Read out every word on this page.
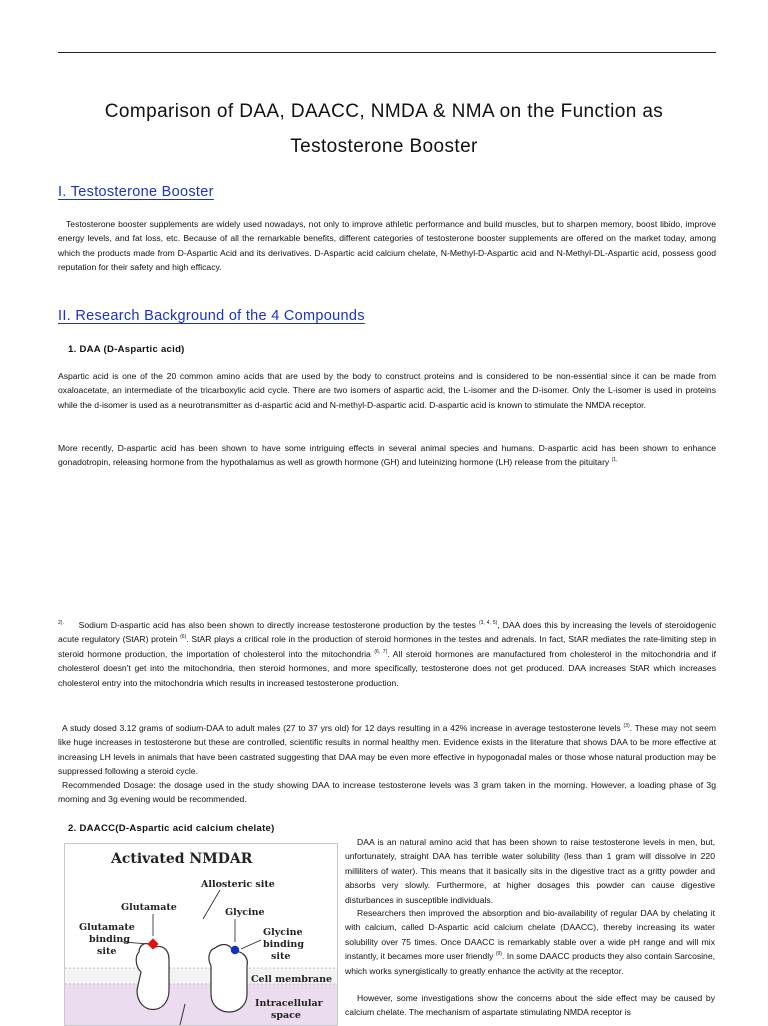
Comparison of DAA, DAACC, NMDA & NMA on the Function as
Testosterone Booster
I. Testosterone Booster
Testosterone booster supplements are widely used nowadays, not only to improve athletic performance and build muscles, but to sharpen memory, boost libido, improve energy levels, and fat loss, etc. Because of all the remarkable benefits, different categories of testosterone booster supplements are offered on the market today, among which the products made from D-Aspartic Acid and its derivatives. D-Aspartic acid calcium chelate, N-Methyl-D-Aspartic acid and N-Methyl-DL-Aspartic acid, possess good reputation for their safety and high efficacy.
II. Research Background of the 4 Compounds
1. DAA (D-Aspartic acid)
Aspartic acid is one of the 20 common amino acids that are used by the body to construct proteins and is considered to be non-essential since it can be made from oxaloacetate, an intermediate of the tricarboxylic acid cycle. There are two isomers of aspartic acid, the L-isomer and the D-isomer. Only the L-isomer is used in proteins while the d-isomer is used as a neurotransmitter as d-aspartic acid and N-methyl-D-aspartic acid. D-aspartic acid is known to stimulate the NMDA receptor.
More recently, D-aspartic acid has been shown to have some intriguing effects in several animal species and humans. D-aspartic acid has been shown to enhance gonadotropin, releasing hormone from the hypothalamus as well as growth hormone (GH) and luteinizing hormone (LH) release from the pituitary $^{(1,}$
$^{2).}$ Sodium D-aspartic acid has also been shown to directly increase testosterone production by the testes $^{(3, 4, 5)}$, DAA does this by increasing the levels of steroidogenic acute regulatory (StAR) protein $^{(6)}$. StAR plays a critical role in the production of steroid hormones in the testes and adrenals. In fact, StAR mediates the rate-limiting step in steroid hormone production, the importation of cholesterol into the mitochondria $^{(6, 7)}$. All steroid hormones are manufactured from cholesterol in the mitochondria and if cholesterol doesn't get into the mitochondria, then steroid hormones, and more specifically, testosterone does not get produced. DAA increases StAR which increases cholesterol entry into the mitochondria which results in increased testosterone production.
A study dosed 3.12 grams of sodium-DAA to adult males (27 to 37 yrs old) for 12 days resulting in a 42% increase in average testosterone levels $^{(3)}$. These may not seem like huge increases in testosterone but these are controlled, scientific results in normal healthy men. Evidence exists in the literature that shows DAA to be more effective at increasing LH levels in animals that have been castrated suggesting that DAA may be even more effective in hypogonadal males or those whose natural production may be suppressed following a steroid cycle.
Recommended Dosage: the dosage used in the study showing DAA to increase testosterone levels was 3 gram taken in the morning. However, a loading phase of 3g morning and 3g evening would be recommended.
2. DAACC(D-Aspartic acid calcium chelate)
DAA is an natural amino acid that has been shown to raise testosterone levels in men, but, unfortunately, straight DAA has terrible water solubility (less than 1 gram will dissolve in 220 milliliters of water). This means that it basically sits in the digestive tract as a gritty powder and absorbs very slowly. Furthermore, at higher dosages this powder can cause digestive disturbances in susceptible individuals.
Researchers then improved the absorption and bio-availability of regular DAA by chelating it with calcium, called D-Aspartic acid calcium chelate (DAACC), thereby increasing its water solubility over 75 times. Once DAACC is remarkably stable over a wide pH range and will mix instantly, it becames more user friendly $^{(9)}$. In some DAACC products they also contain Sarcosine, which works synergistically to greatly enhance the activity at the receptor.
However, some investigations show the concerns about the side effect may be caused by calcium chelate. The mechanism of aspartate stimulating NMDA receptor is
Activated NMDAR
Allosteric site
Glutamate	Glycine
Glutamate binding site
Glycine binding site
Cell membrane
Intracellular space
